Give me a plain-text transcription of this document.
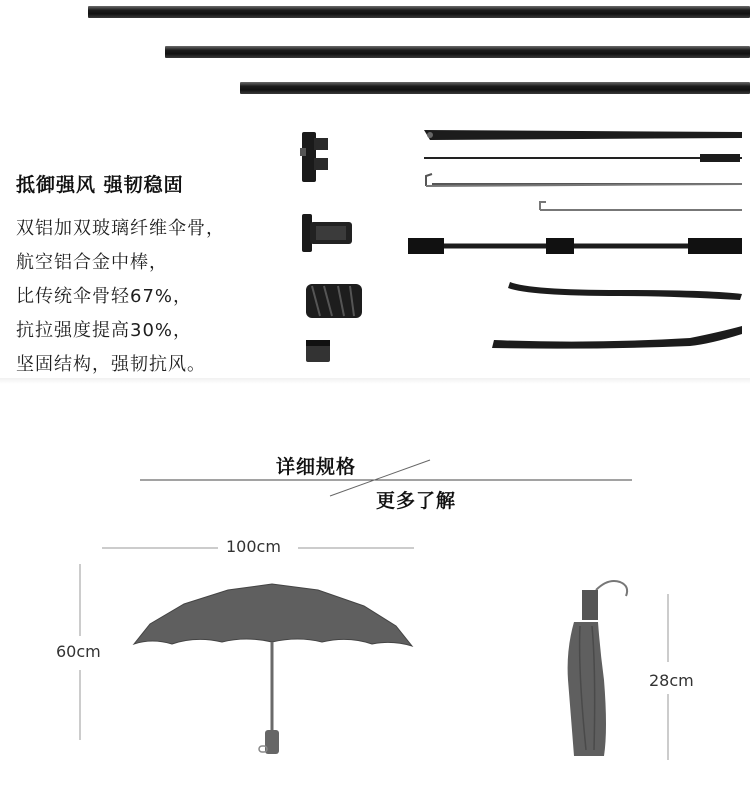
抵御强风 强韧稳固
双铝加双玻璃纤维伞骨，
航空铝合金中棒，
比传统伞骨轻67%，
抗拉强度提高30%，
坚固结构，强韧抗风。
详细规格
更多了解

100cm

60cm

28cm
